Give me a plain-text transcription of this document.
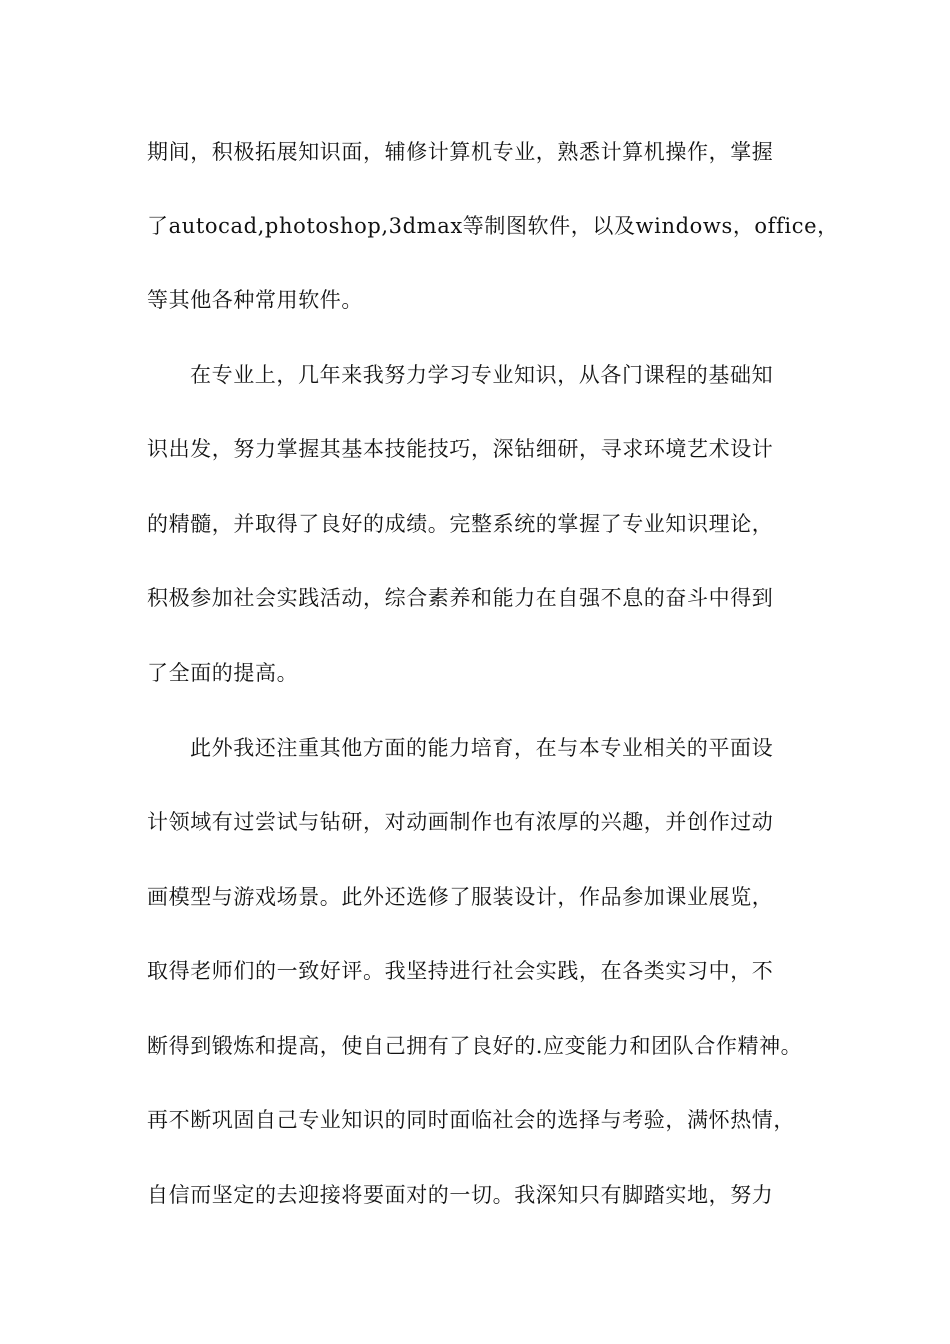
期间，积极拓展知识面，辅修计算机专业，熟悉计算机操作，掌握

了autocad,photoshop,3dmax等制图软件，以及windows，office，

等其他各种常用软件。

在专业上，几年来我努力学习专业知识，从各门课程的基础知

识出发，努力掌握其基本技能技巧，深钻细研，寻求环境艺术设计

的精髓，并取得了良好的成绩。完整系统的掌握了专业知识理论，

积极参加社会实践活动，综合素养和能力在自强不息的奋斗中得到

了全面的提高。

此外我还注重其他方面的能力培育，在与本专业相关的平面设

计领域有过尝试与钻研，对动画制作也有浓厚的兴趣，并创作过动

画模型与游戏场景。此外还选修了服装设计，作品参加课业展览，

取得老师们的一致好评。我坚持进行社会实践，在各类实习中，不

断得到锻炼和提高，使自己拥有了良好的.应变能力和团队合作精神。

再不断巩固自己专业知识的同时面临社会的选择与考验，满怀热情，

自信而坚定的去迎接将要面对的一切。我深知只有脚踏实地，努力
